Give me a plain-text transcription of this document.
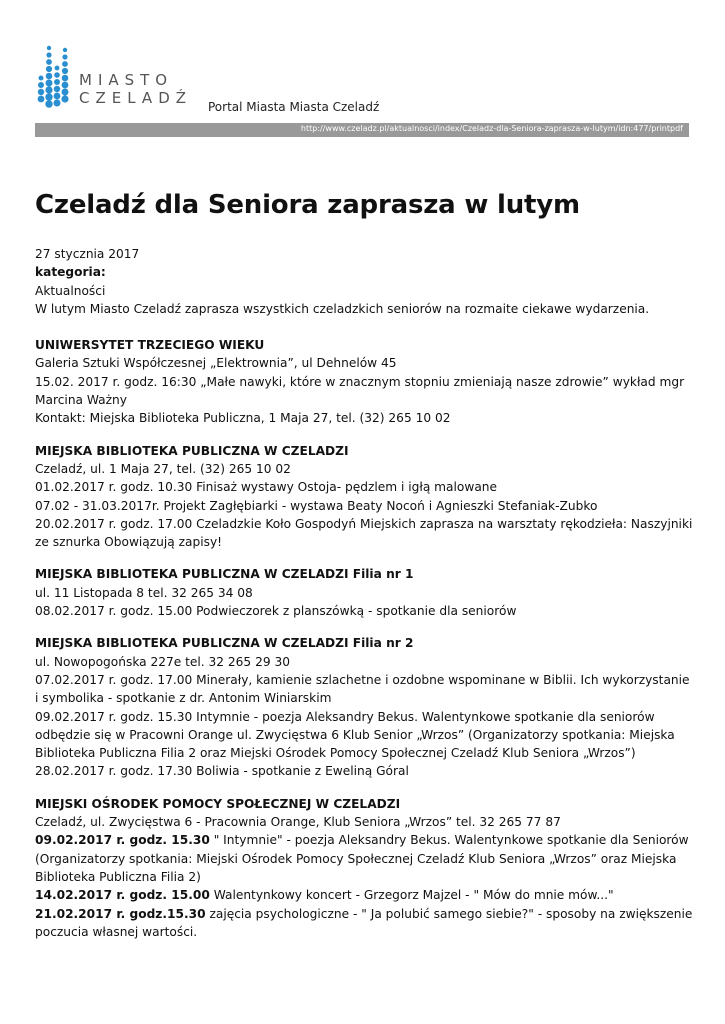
MIASTO
CZELADŹ Portal Miasta Miasta Czeladź
http://www.czeladz.pl/aktualnosci/index/Czeladz-dla-Seniora-zaprasza-w-lutym/idn:477/printpdf
Czeladź dla Seniora zaprasza w lutym

27 stycznia 2017

kategoria:

Aktualności

W lutym Miasto Czeladź zaprasza wszystkich czeladzkich seniorów na rozmaite ciekawe wydarzenia.

UNIWERSYTET TRZECIEGO WIEKU

Galeria Sztuki Współczesnej „Elektrownia”, ul Dehnelów 45

15.02. 2017 r. godz. 16:30 „Małe nawyki, które w znacznym stopniu zmieniają nasze zdrowie” wykład mgr

Marcina Ważny

Kontakt: Miejska Biblioteka Publiczna, 1 Maja 27, tel. (32) 265 10 02

MIEJSKA BIBLIOTEKA PUBLICZNA W CZELADZI

Czeladź, ul. 1 Maja 27, tel. (32) 265 10 02

01.02.2017 r. godz. 10.30 Finisaż wystawy Ostoja- pędzlem i igłą malowane

07.02 - 31.03.2017r. Projekt Zagłębiarki - wystawa Beaty Nocoń i Agnieszki Stefaniak-Zubko

20.02.2017 r. godz. 17.00 Czeladzkie Koło Gospodyń Miejskich zaprasza na warsztaty rękodzieła: Naszyjniki

ze sznurka Obowiązują zapisy!

MIEJSKA BIBLIOTEKA PUBLICZNA W CZELADZI Filia nr 1

ul. 11 Listopada 8 tel. 32 265 34 08

08.02.2017 r. godz. 15.00 Podwieczorek z planszówką - spotkanie dla seniorów

MIEJSKA BIBLIOTEKA PUBLICZNA W CZELADZI Filia nr 2

ul. Nowopogońska 227e tel. 32 265 29 30

07.02.2017 r. godz. 17.00 Minerały, kamienie szlachetne i ozdobne wspominane w Biblii. Ich wykorzystanie

i symbolika - spotkanie z dr. Antonim Winiarskim

09.02.2017 r. godz. 15.30 Intymnie - poezja Aleksandry Bekus. Walentynkowe spotkanie dla seniorów

odbędzie się w Pracowni Orange ul. Zwycięstwa 6 Klub Senior „Wrzos” (Organizatorzy spotkania: Miejska

Biblioteka Publiczna Filia 2 oraz Miejski Ośrodek Pomocy Społecznej Czeladź Klub Seniora „Wrzos”)

28.02.2017 r. godz. 17.30 Boliwia - spotkanie z Eweliną Góral

MIEJSKI OŚRODEK POMOCY SPOŁECZNEJ W CZELADZI

Czeladź, ul. Zwycięstwa 6 - Pracownia Orange, Klub Seniora „Wrzos” tel. 32 265 77 87

09.02.2017 r. godz. 15.30 " Intymnie" - poezja Aleksandry Bekus. Walentynkowe spotkanie dla Seniorów

(Organizatorzy spotkania: Miejski Ośrodek Pomocy Społecznej Czeladź Klub Seniora „Wrzos” oraz Miejska

Biblioteka Publiczna Filia 2)

14.02.2017 r. godz. 15.00 Walentynkowy koncert - Grzegorz Majzel - " Mów do mnie mów..."

21.02.2017 r. godz.15.30 zajęcia psychologiczne - " Ja polubić samego siebie?" - sposoby na zwiększenie

poczucia własnej wartości.
